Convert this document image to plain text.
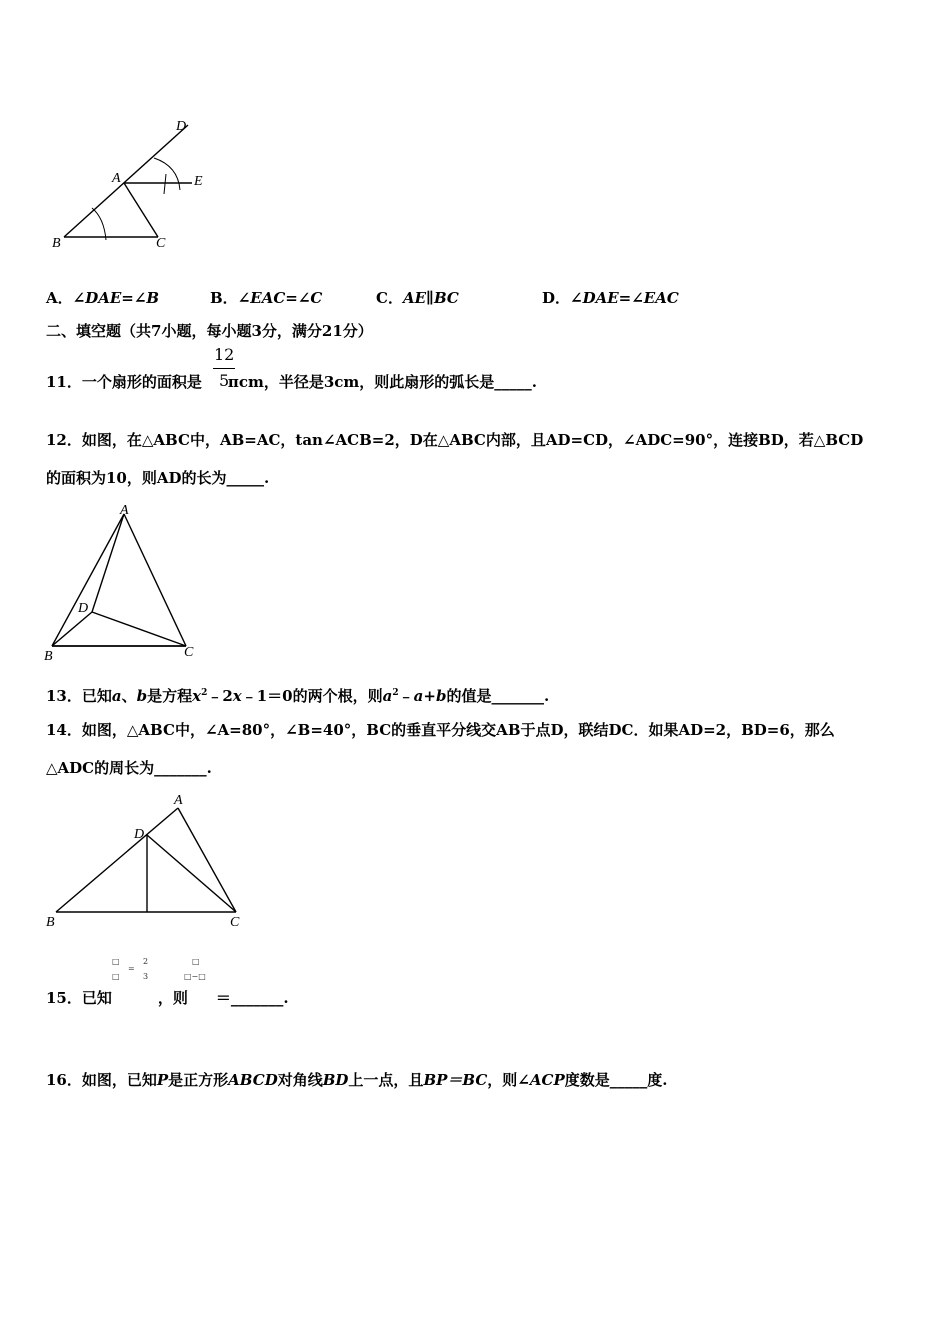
D
A	E
B	C
A．∠DAE=∠B	B．∠EAC=∠C	C．AE∥BC	D．∠DAE=∠EAC
二、填空题（共7小题，每小题3分，满分21分）
11．一个扇形的面积是 πcm，半径是3cm，则此扇形的弧长是_____.
12
5
12．如图，在△ABC中，AB=AC，tan∠ACB=2，D在△ABC内部，且AD=CD，∠ADC=90°，连接BD，若△BCD
的面积为10，则AD的长为_____.
A
D
B	C
13．已知a、b是方程$x^2﹣2x﹣1=0$的两个根，则$a^2﹣a+b$的值是_______.
14．如图，△ABC中，∠A=80°，∠B=40°，BC的垂直平分线交AB于点D，联结DC．如果AD=2，BD=6，那么
△ADC的周长为_______.
A
D
B	C
□
□
=
2
3
□
□−□
15．已知	，则 ＝_______.
16．如图，已知P是正方形ABCD对角线BD上一点，且BP＝BC，则∠ACP度数是_____度.
